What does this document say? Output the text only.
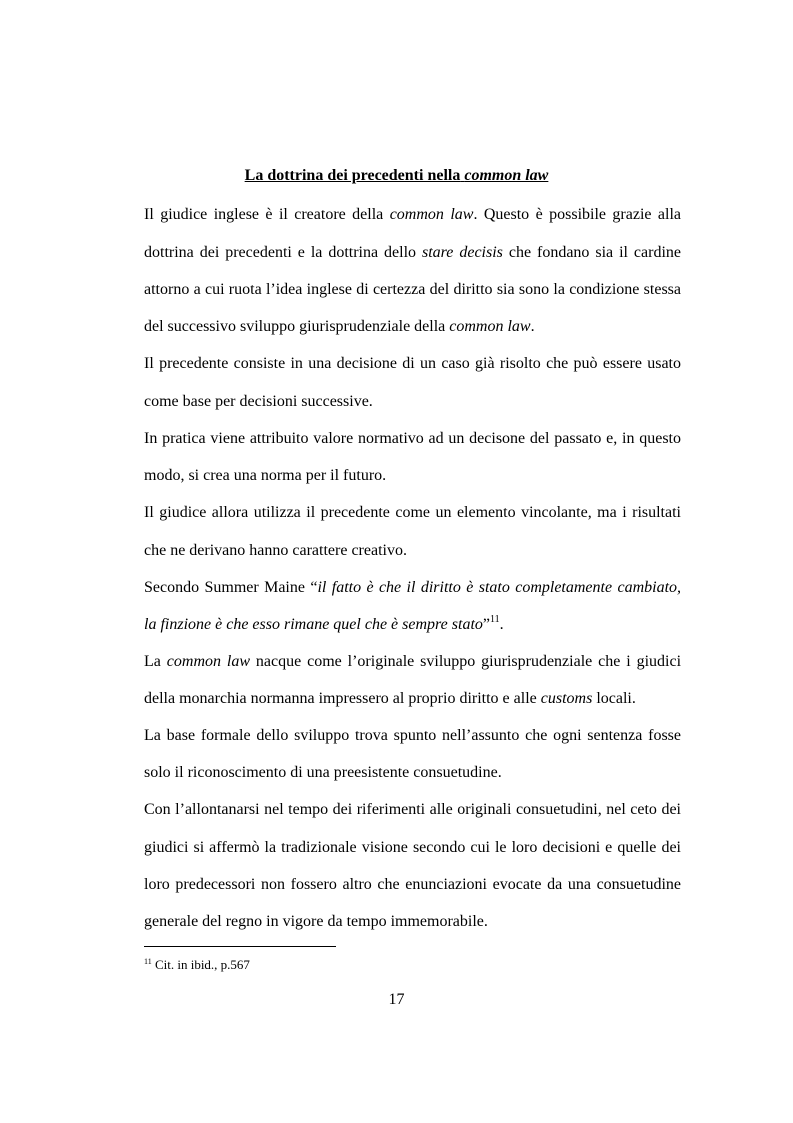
La dottrina dei precedenti nella common law

Il giudice inglese è il creatore della common law. Questo è possibile grazie alla

dottrina dei precedenti e la dottrina dello stare decisis che fondano sia il cardine

attorno a cui ruota l’idea inglese di certezza del diritto sia sono la condizione stessa

del successivo sviluppo giurisprudenziale della common law.

Il precedente consiste in una decisione di un caso già risolto che può essere usato

come base per decisioni successive.

In pratica viene attribuito valore normativo ad un decisone del passato e, in questo

modo, si crea una norma per il futuro.

Il giudice allora utilizza il precedente come un elemento vincolante, ma i risultati

che ne derivano hanno carattere creativo.

Secondo Summer Maine “il fatto è che il diritto è stato completamente cambiato,

la finzione è che esso rimane quel che è sempre stato”$^{11}$.

La common law nacque come l’originale sviluppo giurisprudenziale che i giudici

della monarchia normanna impressero al proprio diritto e alle customs locali.

La base formale dello sviluppo trova spunto nell’assunto che ogni sentenza fosse

solo il riconoscimento di una preesistente consuetudine.

Con l’allontanarsi nel tempo dei riferimenti alle originali consuetudini, nel ceto dei

giudici si affermò la tradizionale visione secondo cui le loro decisioni e quelle dei

loro predecessori non fossero altro che enunciazioni evocate da una consuetudine

generale del regno in vigore da tempo immemorabile.

$^{11}$ Cit. in ibid., p.567
17
